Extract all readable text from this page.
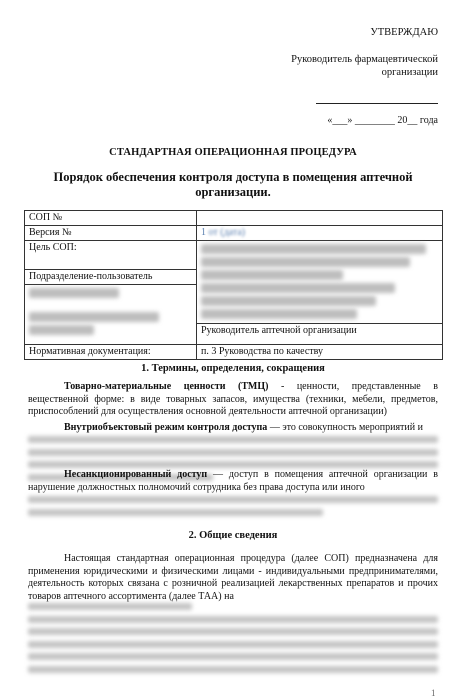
УТВЕРЖДАЮ
Руководитель фармацевтической организации
«___» ________ 20__ года
СТАНДАРТНАЯ ОПЕРАЦИОННАЯ ПРОЦЕДУРА
Порядок обеспечения контроля доступа в помещения аптечной организации.
СОП №	
Версия №	1 от (дата)
Цель СОП:	

Подразделение-пользователь	

	Руководитель аптечной организации
Нормативная документация:	п. 3 Руководства по качеству
1. Термины, определения, сокращения
Товарно-материальные ценности (ТМЦ) - ценности, представленные в вещественной форме: в виде товарных запасов, имущества (техники, мебели, предметов, приспособлений для осуществления основной деятельности аптечной организации)
Внутриобъектовый режим контроля доступа — это совокупность мероприятий и
Несанкционированный доступ — доступ в помещения аптечной организации в нарушение должностных полномочий сотрудника без права доступа или иного
2. Общие сведения
Настоящая стандартная операционная процедура (далее СОП) предназначена для применения юридическими и физическими лицами - индивидуальными предпринимателями, деятельность которых связана с розничной реализацией лекарственных препаратов и прочих товаров аптечного ассортимента (далее ТАА) на
1
